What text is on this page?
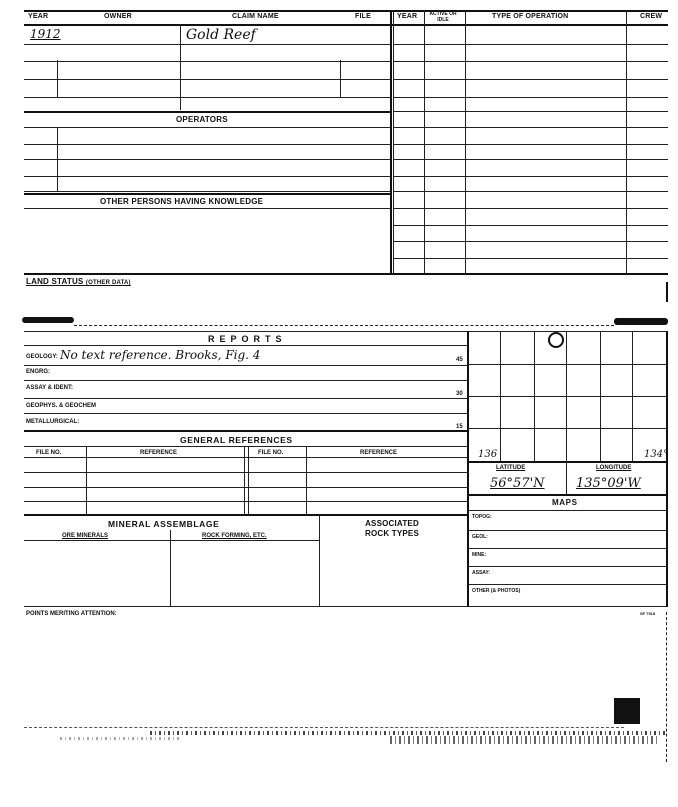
YEAR	OWNER	CLAIM NAME	FILE	YEAR ACTIVE OR IDLE	TYPE OF OPERATION	CREW
1912	Gold Reef
OPERATORS
OTHER PERSONS HAVING KNOWLEDGE
LAND STATUS (OTHER DATA)
REPORTS
GEOLOGY: No text reference. Brooks, Fig. 4	45
ENGRG:
ASSAY & IDENT:
30
GEOPHYS. & GEOCHEM
METALLURGICAL:
15
GENERAL REFERENCES
FILE NO.	REFERENCE	FILE NO.	REFERENCE
MINERAL ASSEMBLAGE
ORE MINERALS	ROCK FORMING, ETC.
ASSOCIATED ROCK TYPES
136	134°
LATITUDE	LONGITUDE
56°57'N 135°09'W
MAPS
TOPOG:
GEOL:
MINE:
ASSAY:
OTHER (& PHOTOS)
POINTS MERITING ATTENTION:	SF 7918
